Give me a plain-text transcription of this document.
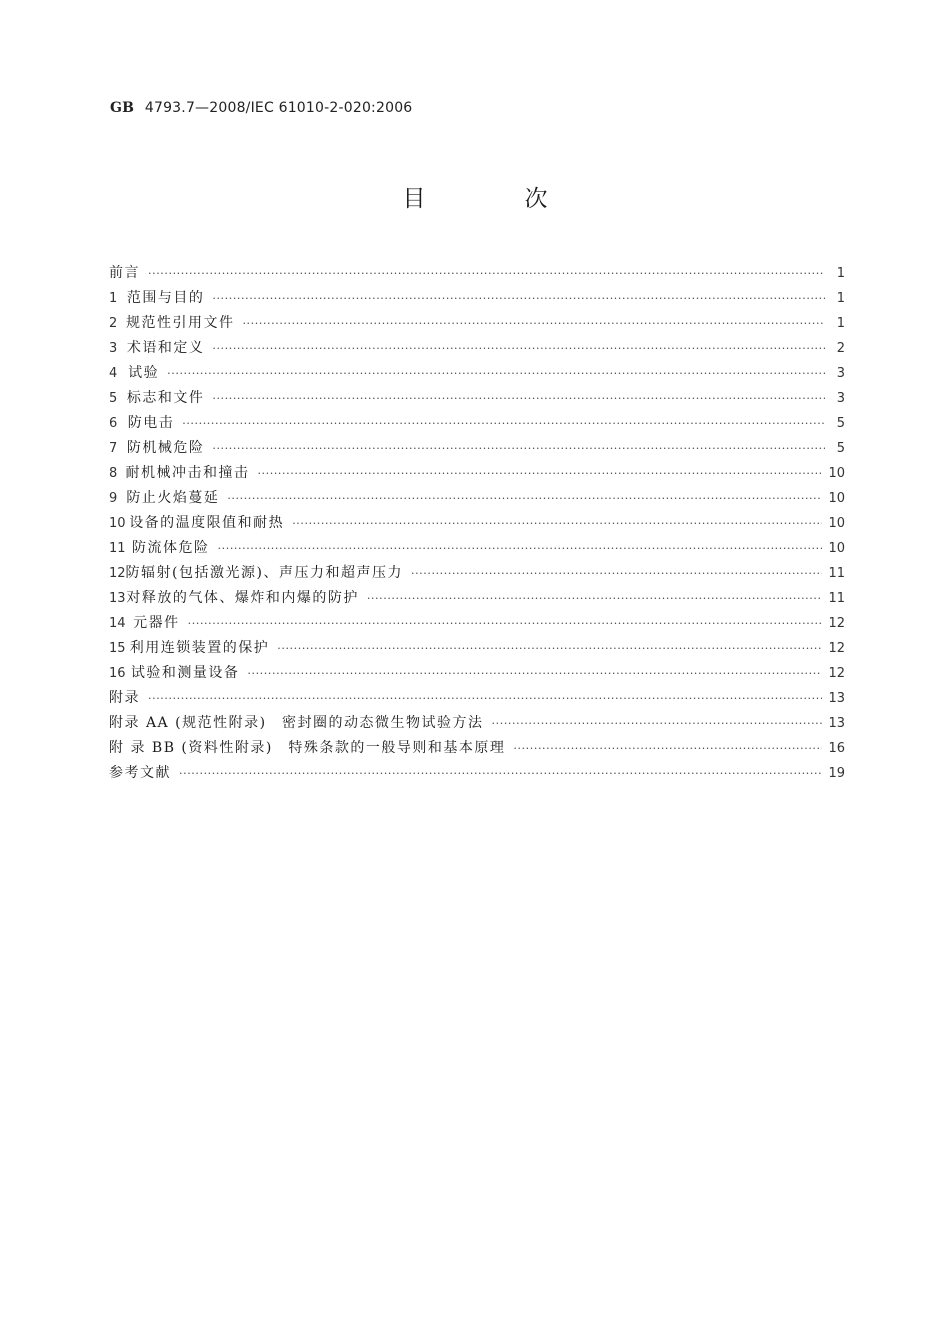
GB 4793.7—2008/IEC 61010-2-020:2006
目　次
前言 ·····	1
1 范围与目的 ·····	1
2 规范性引用文件 ·····	1
3 术语和定义 ·····	2
4 试验 ·····	3
5 标志和文件 ·····	3
6 防电击 ·····	5
7 防机械危险 ·····	5
8 耐机械冲击和撞击 ·····	10
9 防止火焰蔓延 ·····	10
10 设备的温度限值和耐热 ·····	10
11 防流体危险 ·····	10
12 防辐射(包括激光源)、声压力和超声压力 ·····	11
13 对释放的气体、爆炸和内爆的防护 ·····	11
14 元器件 ·····	12
15 利用连锁装置的保护 ·····	12
16 试验和测量设备 ·····	12
附录 ·····	13
附录 AA (规范性附录)　密封圈的动态微生物试验方法 ·····	13
附 录 BB (资料性附录)　特殊条款的一般导则和基本原理 ·····	16
参考文献 ·····	19
